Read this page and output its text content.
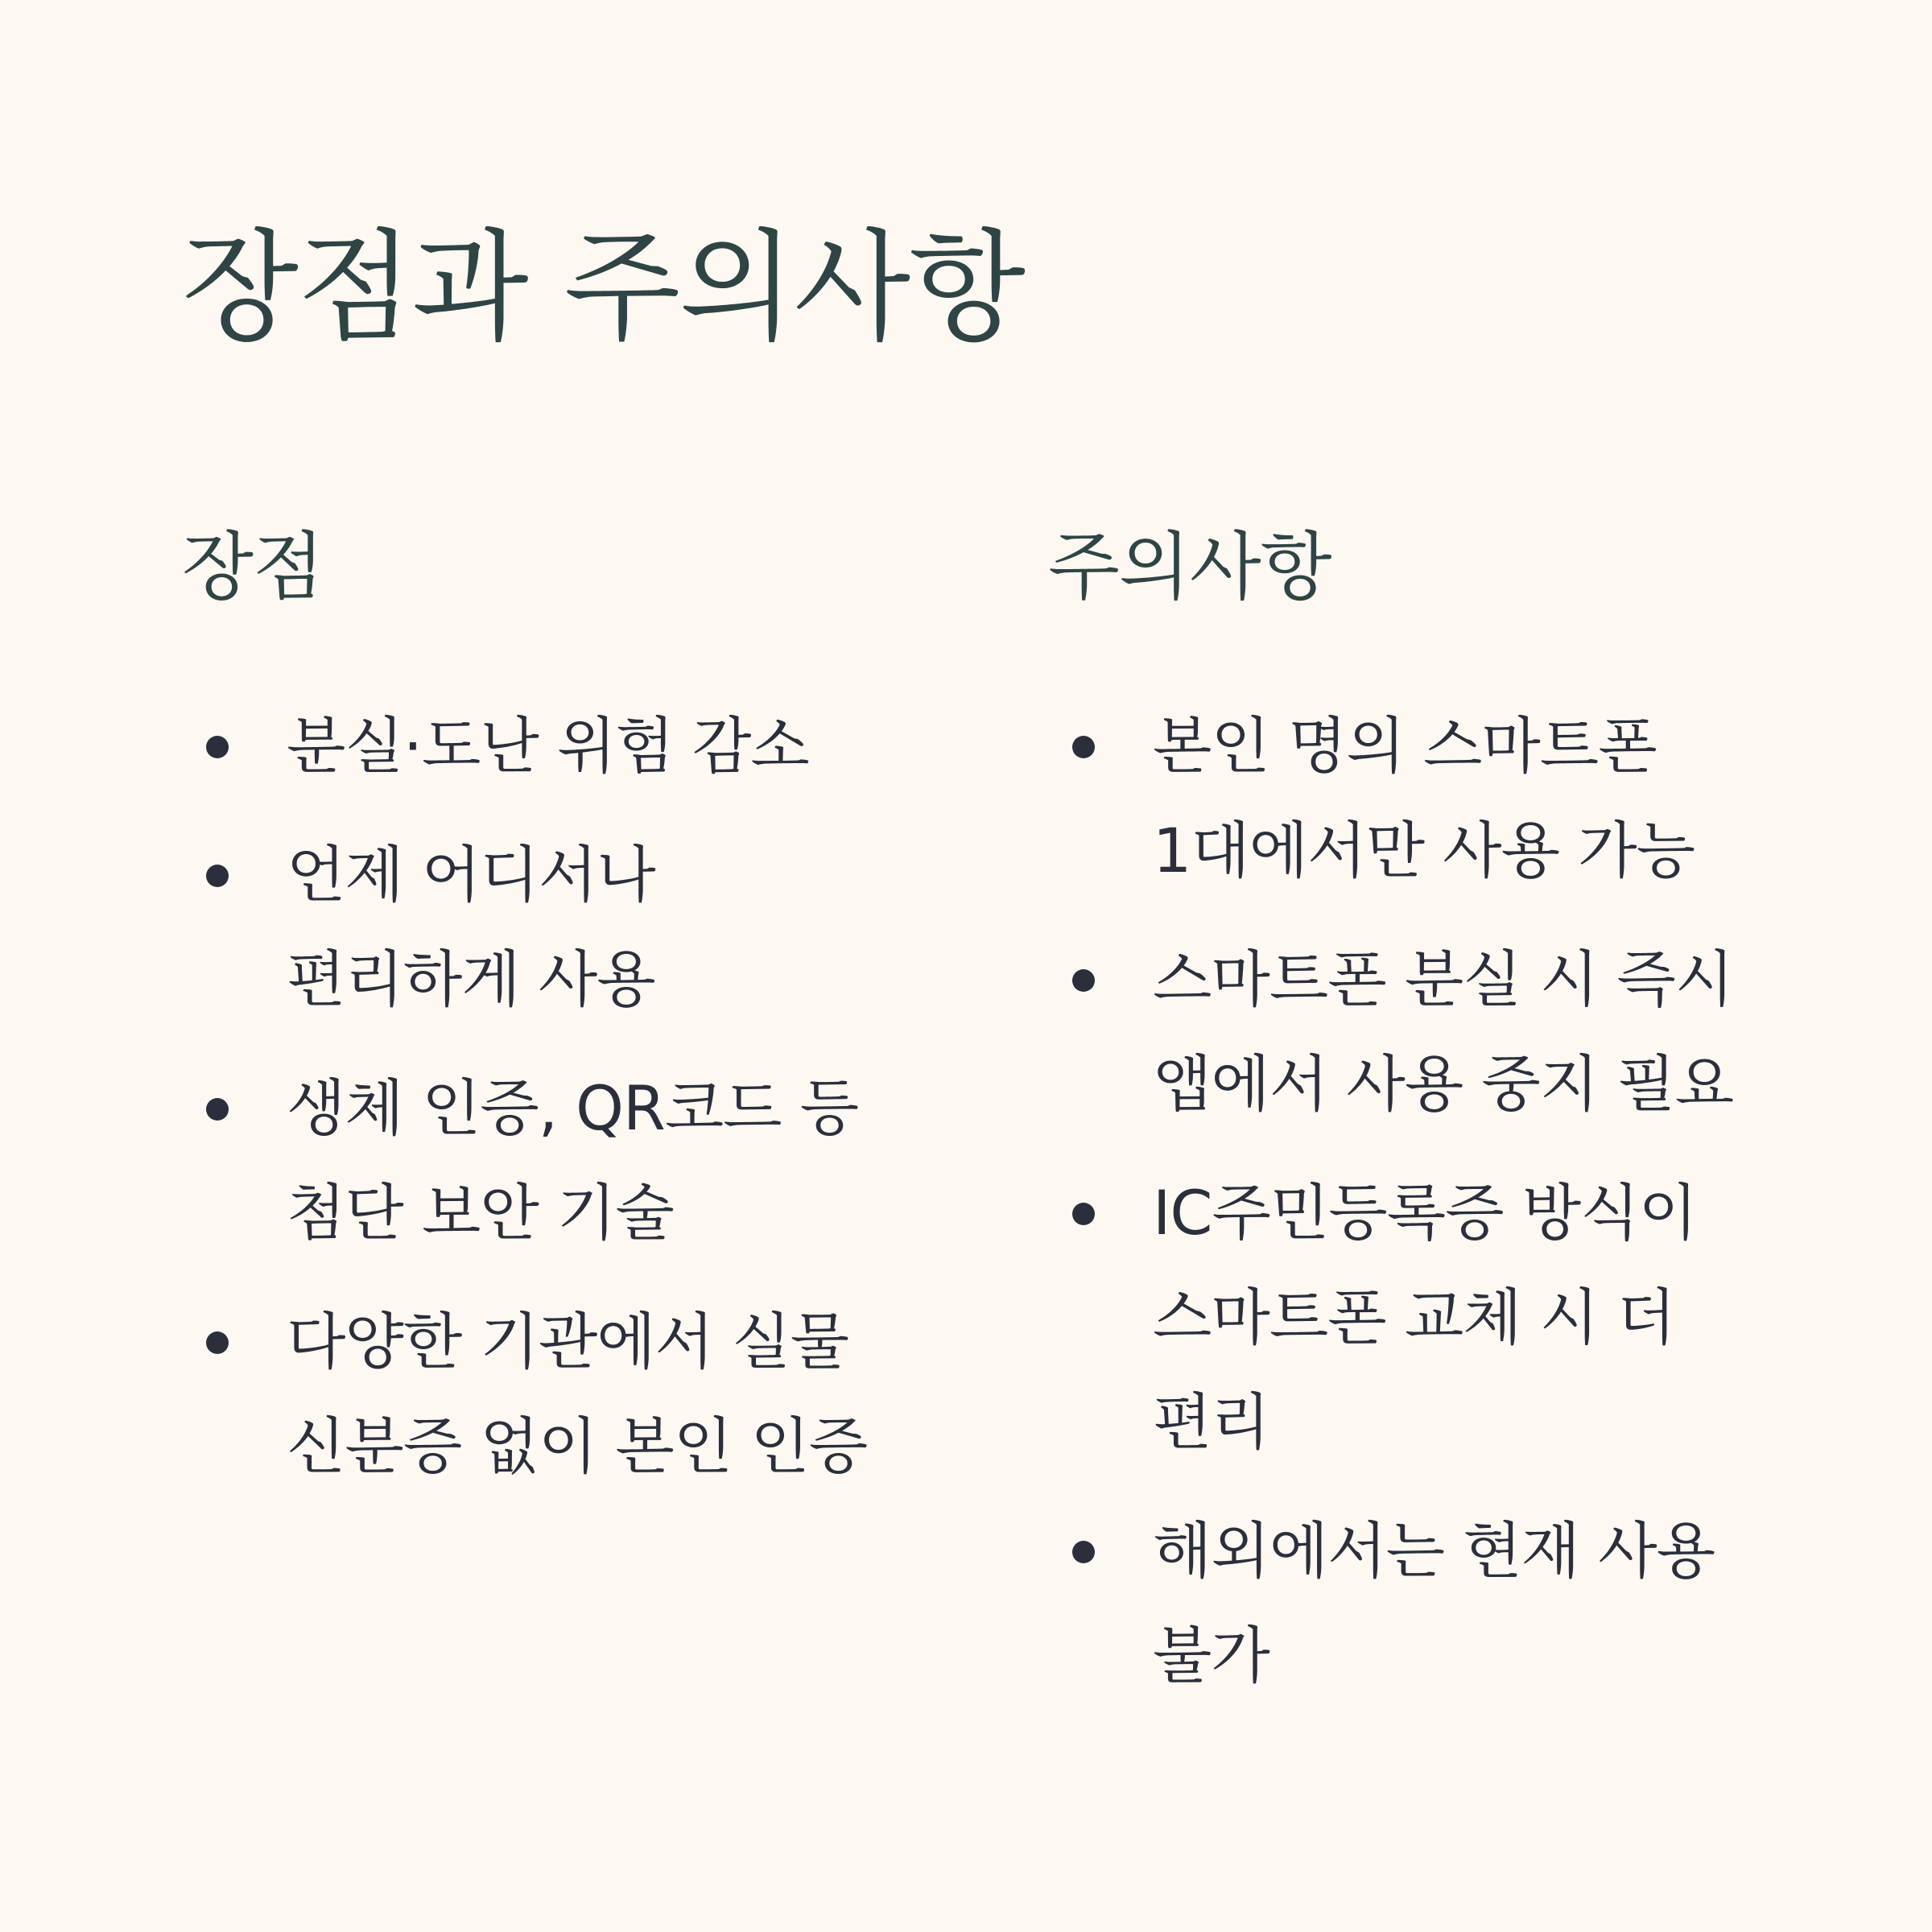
장점과 주의사항
장점
분실·도난 위험 감소
언제 어디서나 편리하게 사용
생체 인증, QR코드 등 첨단 보안 기술
다양한 기관에서 실물 신분증 없이 본인 인증
주의사항
본인 명의 스마트폰 1대에서만 사용 가능
스마트폰 분실 시 즉시 앱에서 사용 중지 필요
IC주민등록증 방식이 스마트폰 교체 시 더 편리
해외에서는 현재 사용 불가
